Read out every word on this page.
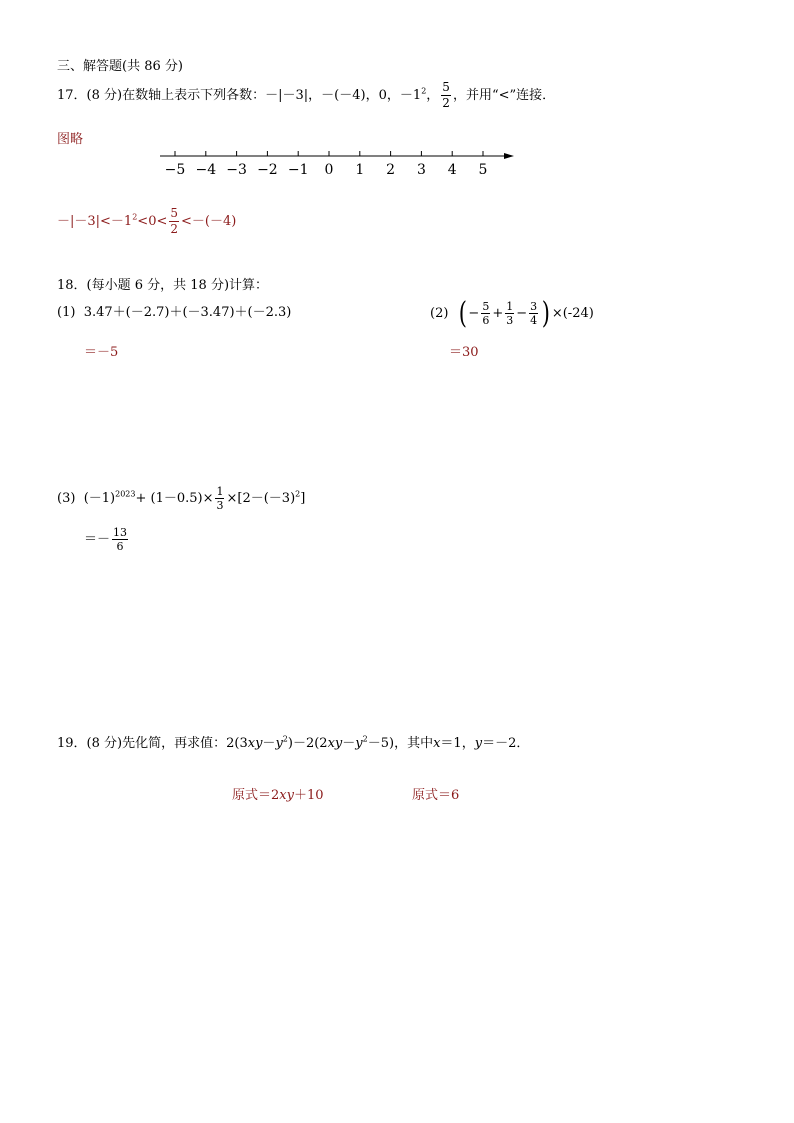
三、解答题(共 86 分)
17．(8 分)在数轴上表示下列各数：－|－3|，－(－4)，0，$-1^2$， $\frac{5}{2}$ ，并用“<”连接．
图略
−5 −4 −3 −2 −1 0 1 2 3 4 5
$-|-3|<-1^2<0< \frac{5}{2} <-(-4)$
18．(每小题 6 分，共 18 分)计算：
(1) 3.47＋(－2.7)＋(－3.47)＋(－2.3)
＝－5
(2) ( − $\frac{5}{6} + \frac{1}{3} - \frac{3}{4}$ ) ×(-24)
＝30
(3) $(-1)^{2023}+ (1-0.5)\times \frac{1}{3} \times[2-(-3)^2]$
＝－ $\frac{13}{6}$
19．(8 分)先化简，再求值：$2(3xy-y^2)-2(2xy-y^2-5)$，其中x＝1，y＝－2．
原式＝2xy＋10	原式＝6
